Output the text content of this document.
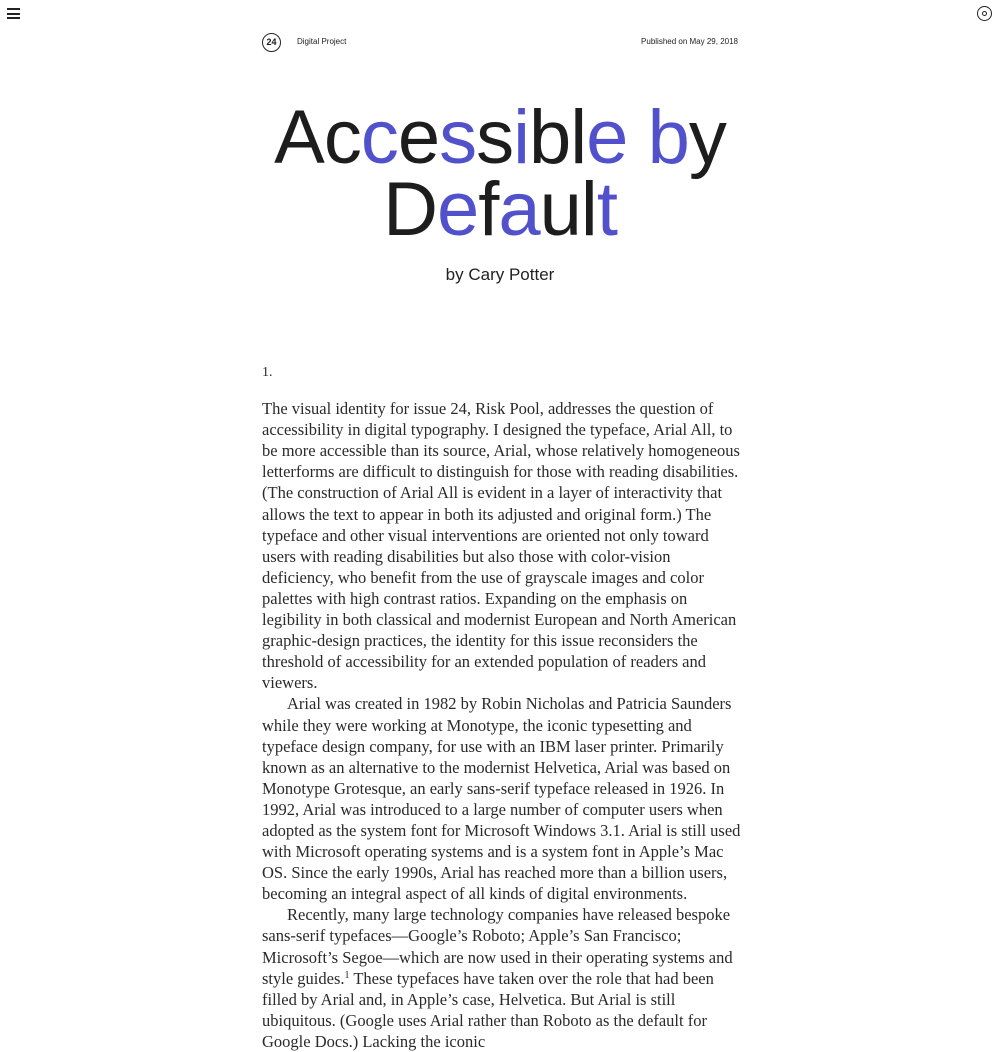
24	Digital Project	Published on May 29, 2018
Accessible by
Default
by Cary Potter
1.

The visual identity for issue 24, Risk Pool, addresses the question of accessibility in digital typography. I designed the typeface, Arial All, to be more accessible than its source, Arial, whose relatively homogeneous letterforms are difficult to distinguish for those with reading disabilities. (The construction of Arial All is evident in a layer of interactivity that allows the text to appear in both its adjusted and original form.) The typeface and other visual interventions are oriented not only toward users with reading disabilities but also those with color-vision deficiency, who benefit from the use of grayscale images and color palettes with high contrast ratios. Expanding on the emphasis on legibility in both classical and modernist European and North American graphic-design practices, the identity for this issue reconsiders the threshold of accessibility for an extended population of readers and viewers.

Arial was created in 1982 by Robin Nicholas and Patricia Saunders while they were working at Monotype, the iconic typesetting and typeface design company, for use with an IBM laser printer. Primarily known as an alternative to the modernist Helvetica, Arial was based on Monotype Grotesque, an early sans-serif typeface released in 1926. In 1992, Arial was introduced to a large number of computer users when adopted as the system font for Microsoft Windows 3.1. Arial is still used with Microsoft operating systems and is a system font in Apple’s Mac OS. Since the early 1990s, Arial has reached more than a billion users, becoming an integral aspect of all kinds of digital environments.

Recently, many large technology companies have released bespoke sans-serif typefaces—Google’s Roboto; Apple’s San Francisco; Microsoft’s Segoe—which are now used in their operating systems and style guides.$^1$ These typefaces have taken over the role that had been filled by Arial and, in Apple’s case, Helvetica. But Arial is still ubiquitous. (Google uses Arial rather than Roboto as the default for Google Docs.) Lacking the iconic
